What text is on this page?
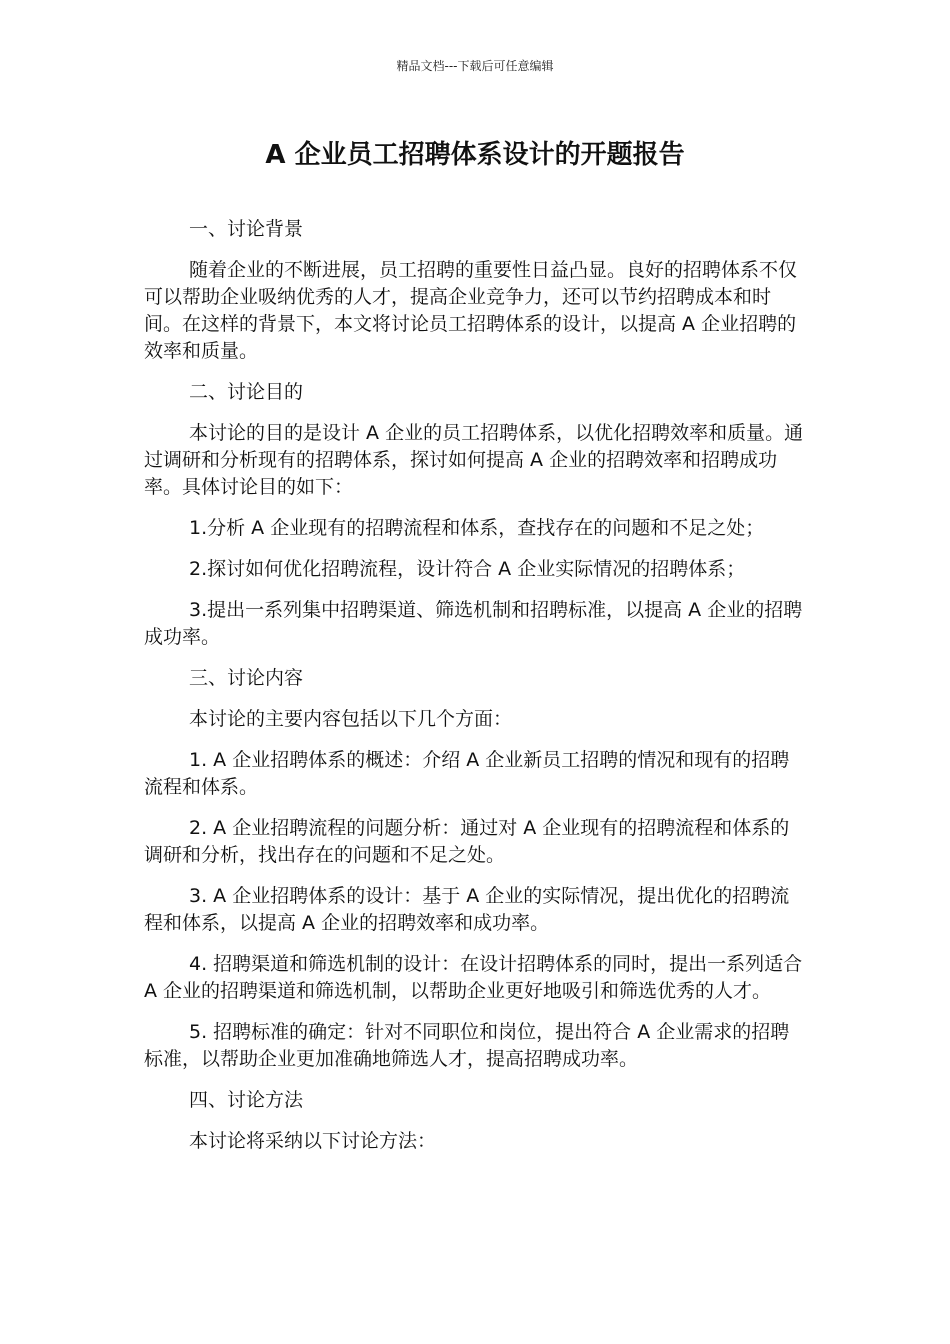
精品文档---下载后可任意编辑
A 企业员工招聘体系设计的开题报告

一、讨论背景

随着企业的不断进展，员工招聘的重要性日益凸显。良好的招聘体系不仅可以帮助企业吸纳优秀的人才，提高企业竞争力，还可以节约招聘成本和时间。在这样的背景下，本文将讨论员工招聘体系的设计，以提高 A 企业招聘的效率和质量。

二、讨论目的

本讨论的目的是设计 A 企业的员工招聘体系，以优化招聘效率和质量。通过调研和分析现有的招聘体系，探讨如何提高 A 企业的招聘效率和招聘成功率。具体讨论目的如下：

1.分析 A 企业现有的招聘流程和体系，查找存在的问题和不足之处；

2.探讨如何优化招聘流程，设计符合 A 企业实际情况的招聘体系；

3.提出一系列集中招聘渠道、筛选机制和招聘标准，以提高 A 企业的招聘成功率。

三、讨论内容

本讨论的主要内容包括以下几个方面：

1. A 企业招聘体系的概述：介绍 A 企业新员工招聘的情况和现有的招聘流程和体系。

2. A 企业招聘流程的问题分析：通过对 A 企业现有的招聘流程和体系的调研和分析，找出存在的问题和不足之处。

3. A 企业招聘体系的设计：基于 A 企业的实际情况，提出优化的招聘流程和体系，以提高 A 企业的招聘效率和成功率。

4. 招聘渠道和筛选机制的设计：在设计招聘体系的同时，提出一系列适合 A 企业的招聘渠道和筛选机制，以帮助企业更好地吸引和筛选优秀的人才。

5. 招聘标准的确定：针对不同职位和岗位，提出符合 A 企业需求的招聘标准，以帮助企业更加准确地筛选人才，提高招聘成功率。

四、讨论方法

本讨论将采纳以下讨论方法：
